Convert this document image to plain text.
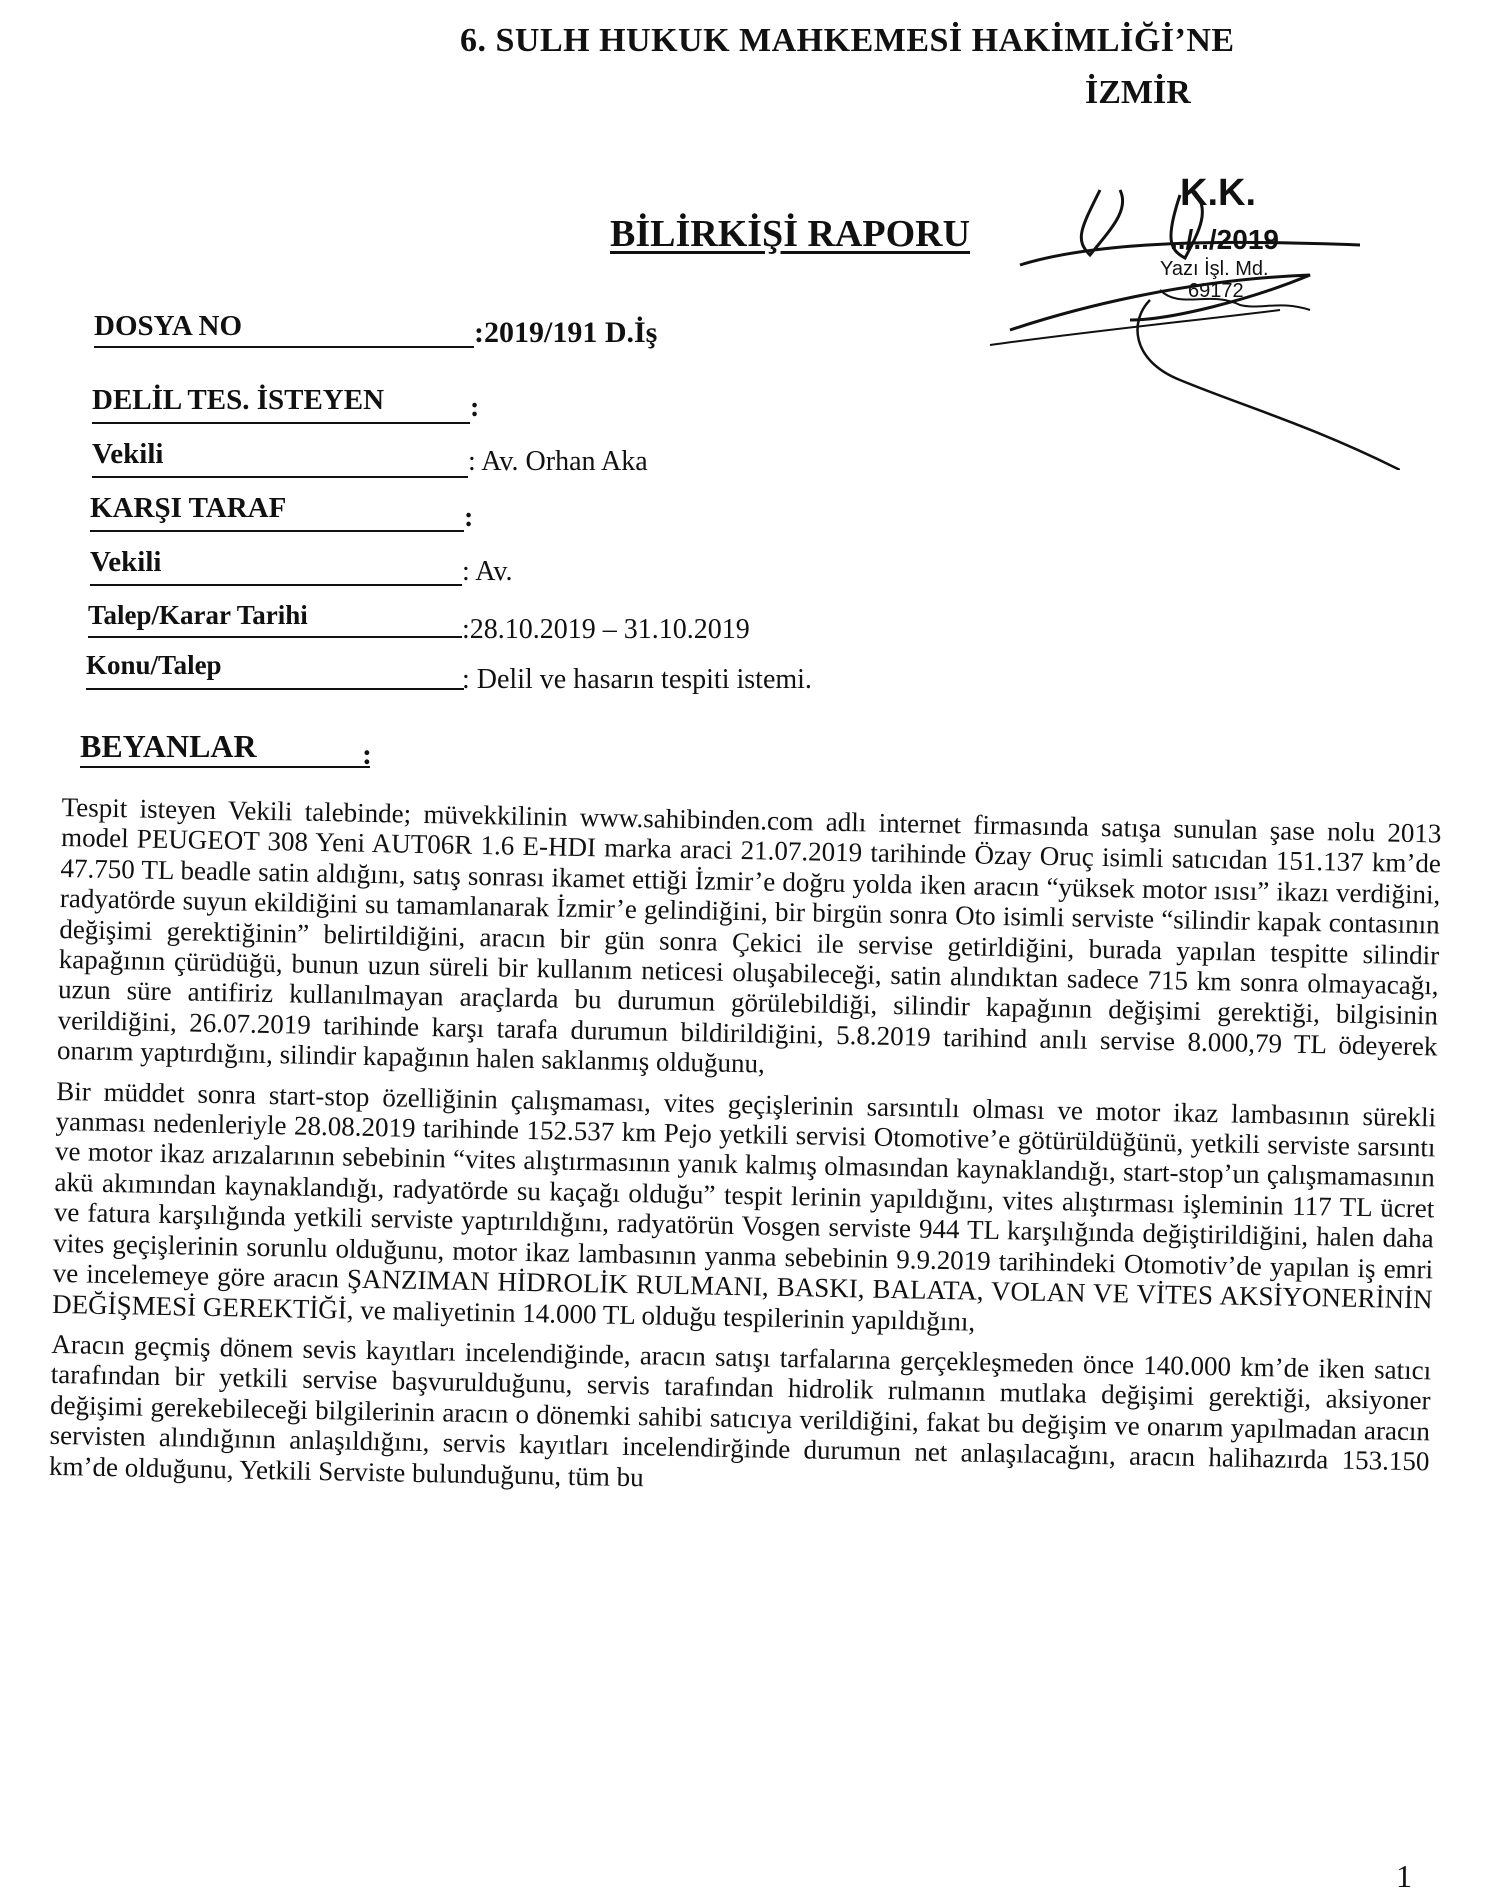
6. SULH HUKUK MAHKEMESİ HAKİMLİĞİ’NE
İZMİR
BİLİRKİŞİ RAPORU
K.K.
../../2019
Yazı İşl. Md.
69172
DOSYA NO	:2019/191 D.İş
DELİL TES. İSTEYEN	:
Vekili	: Av. Orhan Aka
KARŞI TARAF	:
Vekili	: Av.
Talep/Karar Tarihi	:28.10.2019 – 31.10.2019
Konu/Talep	: Delil ve hasarın tespiti istemi.
BEYANLAR	:

Tespit isteyen Vekili talebinde; müvekkilinin www.sahibinden.com adlı internet firmasında satışa sunulan şase nolu 2013 model PEUGEOT 308 Yeni AUT06R 1.6 E-HDI marka araci 21.07.2019 tarihinde Özay Oruç isimli satıcıdan 151.137 km’de 47.750 TL beadle satin aldığını, satış sonrası ikamet ettiği İzmir’e doğru yolda iken aracın “yüksek motor ısısı” ikazı verdiğini, radyatörde suyun ekildiğini su tamamlanarak İzmir’e gelindiğini, bir birgün sonra Oto isimli serviste “silindir kapak contasının değişimi gerektiğinin” belirtildiğini, aracın bir gün sonra Çekici ile servise getirldiğini, burada yapılan tespitte silindir kapağının çürüdüğü, bunun uzun süreli bir kullanım neticesi oluşabileceği, satin alındıktan sadece 715 km sonra olmayacağı, uzun süre antifiriz kullanılmayan araçlarda bu durumun görülebildiği, silindir kapağının değişimi gerektiği, bilgisinin verildiğini, 26.07.2019 tarihinde karşı tarafa durumun bildirildiğini, 5.8.2019 tarihind anılı servise 8.000,79 TL ödeyerek onarım yaptırdığını, silindir kapağının halen saklanmış olduğunu,

Bir müddet sonra start-stop özelliğinin çalışmaması, vites geçişlerinin sarsıntılı olması ve motor ikaz lambasının sürekli yanması nedenleriyle 28.08.2019 tarihinde 152.537 km Pejo yetkili servisi Otomotive’e götürüldüğünü, yetkili serviste sarsıntı ve motor ikaz arızalarının sebebinin “vites alıştırmasının yanık kalmış olmasından kaynaklandığı, start-stop’un çalışmamasının akü akımından kaynaklandığı, radyatörde su kaçağı olduğu” tespit lerinin yapıldığını, vites alıştırması işleminin 117 TL ücret ve fatura karşılığında yetkili serviste yaptırıldığını, radyatörün Vosgen serviste 944 TL karşılığında değiştirildiğini, halen daha vites geçişlerinin sorunlu olduğunu, motor ikaz lambasının yanma sebebinin 9.9.2019 tarihindeki Otomotiv’de yapılan iş emri ve incelemeye göre aracın ŞANZIMAN HİDROLİK RULMANI, BASKI, BALATA, VOLAN VE VİTES AKSİYONERİNİN DEĞİŞMESİ GEREKTİĞİ, ve maliyetinin 14.000 TL olduğu tespilerinin yapıldığını,

Aracın geçmiş dönem sevis kayıtları incelendiğinde, aracın satışı tarfalarına gerçekleşmeden önce 140.000 km’de iken satıcı tarafından bir yetkili servise başvurulduğunu, servis tarafından hidrolik rulmanın mutlaka değişimi gerektiği, aksiyoner değişimi gerekebileceği bilgilerinin aracın o dönemki sahibi satıcıya verildiğini, fakat bu değişim ve onarım yapılmadan aracın servisten alındığının anlaşıldığını, servis kayıtları incelendirğinde durumun net anlaşılacağını, aracın halihazırda 153.150 km’de olduğunu, Yetkili Serviste bulunduğunu, tüm bu

1
